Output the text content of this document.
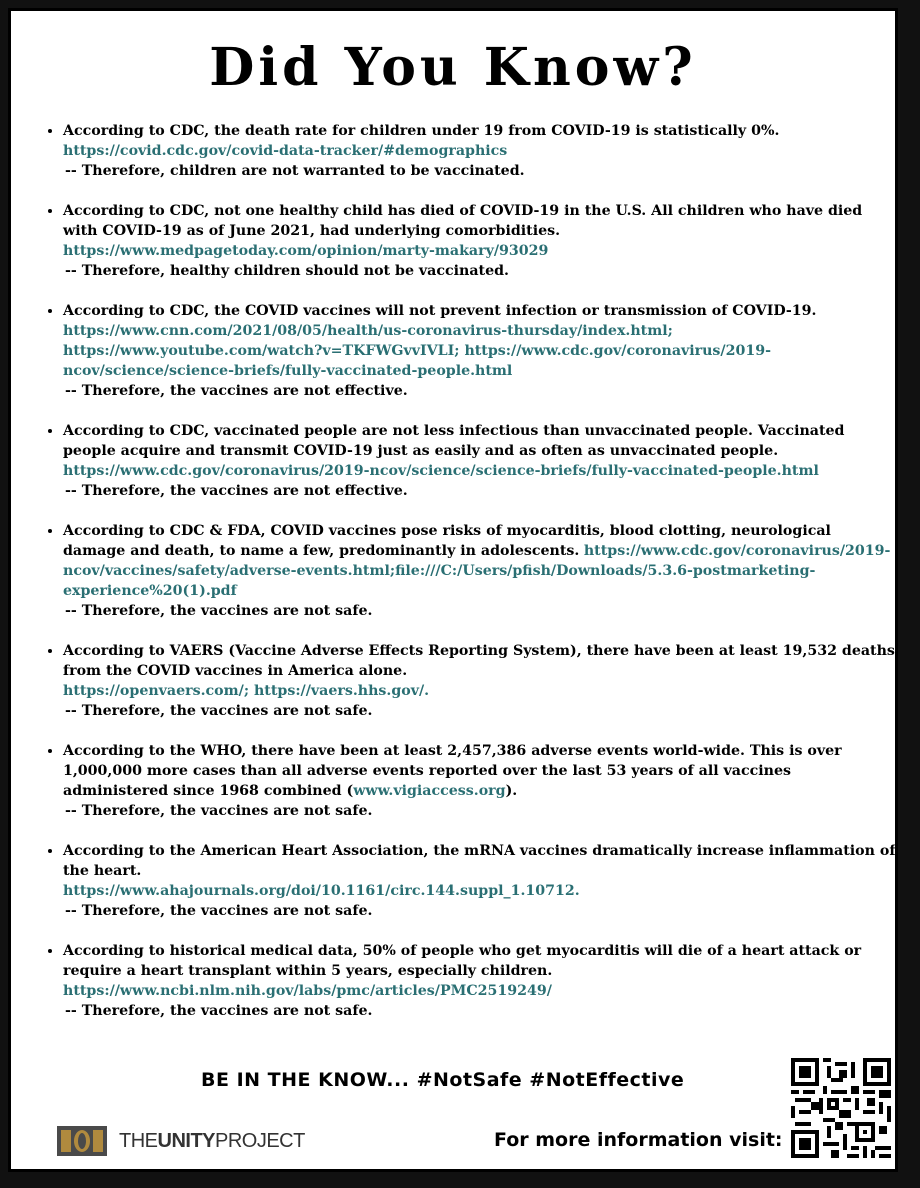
Did You Know?
• According to CDC, the death rate for children under 19 from COVID-19 is statistically 0%.
https://covid.cdc.gov/covid-data-tracker/#demographics
-- Therefore, children are not warranted to be vaccinated.
• According to CDC, not one healthy child has died of COVID-19 in the U.S. All children who have died with COVID-19 as of June 2021, had underlying comorbidities. https://www.medpagetoday.com/opinion/marty-makary/93029
-- Therefore, healthy children should not be vaccinated.
• According to CDC, the COVID vaccines will not prevent infection or transmission of COVID-19.
https://www.cnn.com/2021/08/05/health/us-coronavirus-thursday/index.html; https://www.youtube.com/watch?v=TKFWGvvIVLI; https://www.cdc.gov/coronavirus/2019-ncov/science/science-briefs/fully-vaccinated-people.html
-- Therefore, the vaccines are not effective.
• According to CDC, vaccinated people are not less infectious than unvaccinated people. Vaccinated people acquire and transmit COVID-19 just as easily and as often as unvaccinated people.
https://www.cdc.gov/coronavirus/2019-ncov/science/science-briefs/fully-vaccinated-people.html
-- Therefore, the vaccines are not effective.
• According to CDC & FDA, COVID vaccines pose risks of myocarditis, blood clotting, neurological damage and death, to name a few, predominantly in adolescents. https://www.cdc.gov/coronavirus/2019-ncov/vaccines/safety/adverse-events.html;file:///C:/Users/pfish/Downloads/5.3.6-postmarketing-experience%20(1).pdf
-- Therefore, the vaccines are not safe.
• According to VAERS (Vaccine Adverse Effects Reporting System), there have been at least 19,532 deaths from the COVID vaccines in America alone.
https://openvaers.com/; https://vaers.hhs.gov/.
-- Therefore, the vaccines are not safe.
• According to the WHO, there have been at least 2,457,386 adverse events world-wide. This is over 1,000,000 more cases than all adverse events reported over the last 53 years of all vaccines administered since 1968 combined (www.vigiaccess.org).
-- Therefore, the vaccines are not safe.
• According to the American Heart Association, the mRNA vaccines dramatically increase inflammation of the heart.
https://www.ahajournals.org/doi/10.1161/circ.144.suppl_1.10712.
-- Therefore, the vaccines are not safe.
• According to historical medical data, 50% of people who get myocarditis will die of a heart attack or require a heart transplant within 5 years, especially children.
https://www.ncbi.nlm.nih.gov/labs/pmc/articles/PMC2519249/
-- Therefore, the vaccines are not safe.
BE IN THE KNOW... #NotSafe #NotEffective
THEUNITYPROJECT	For more information visit:
